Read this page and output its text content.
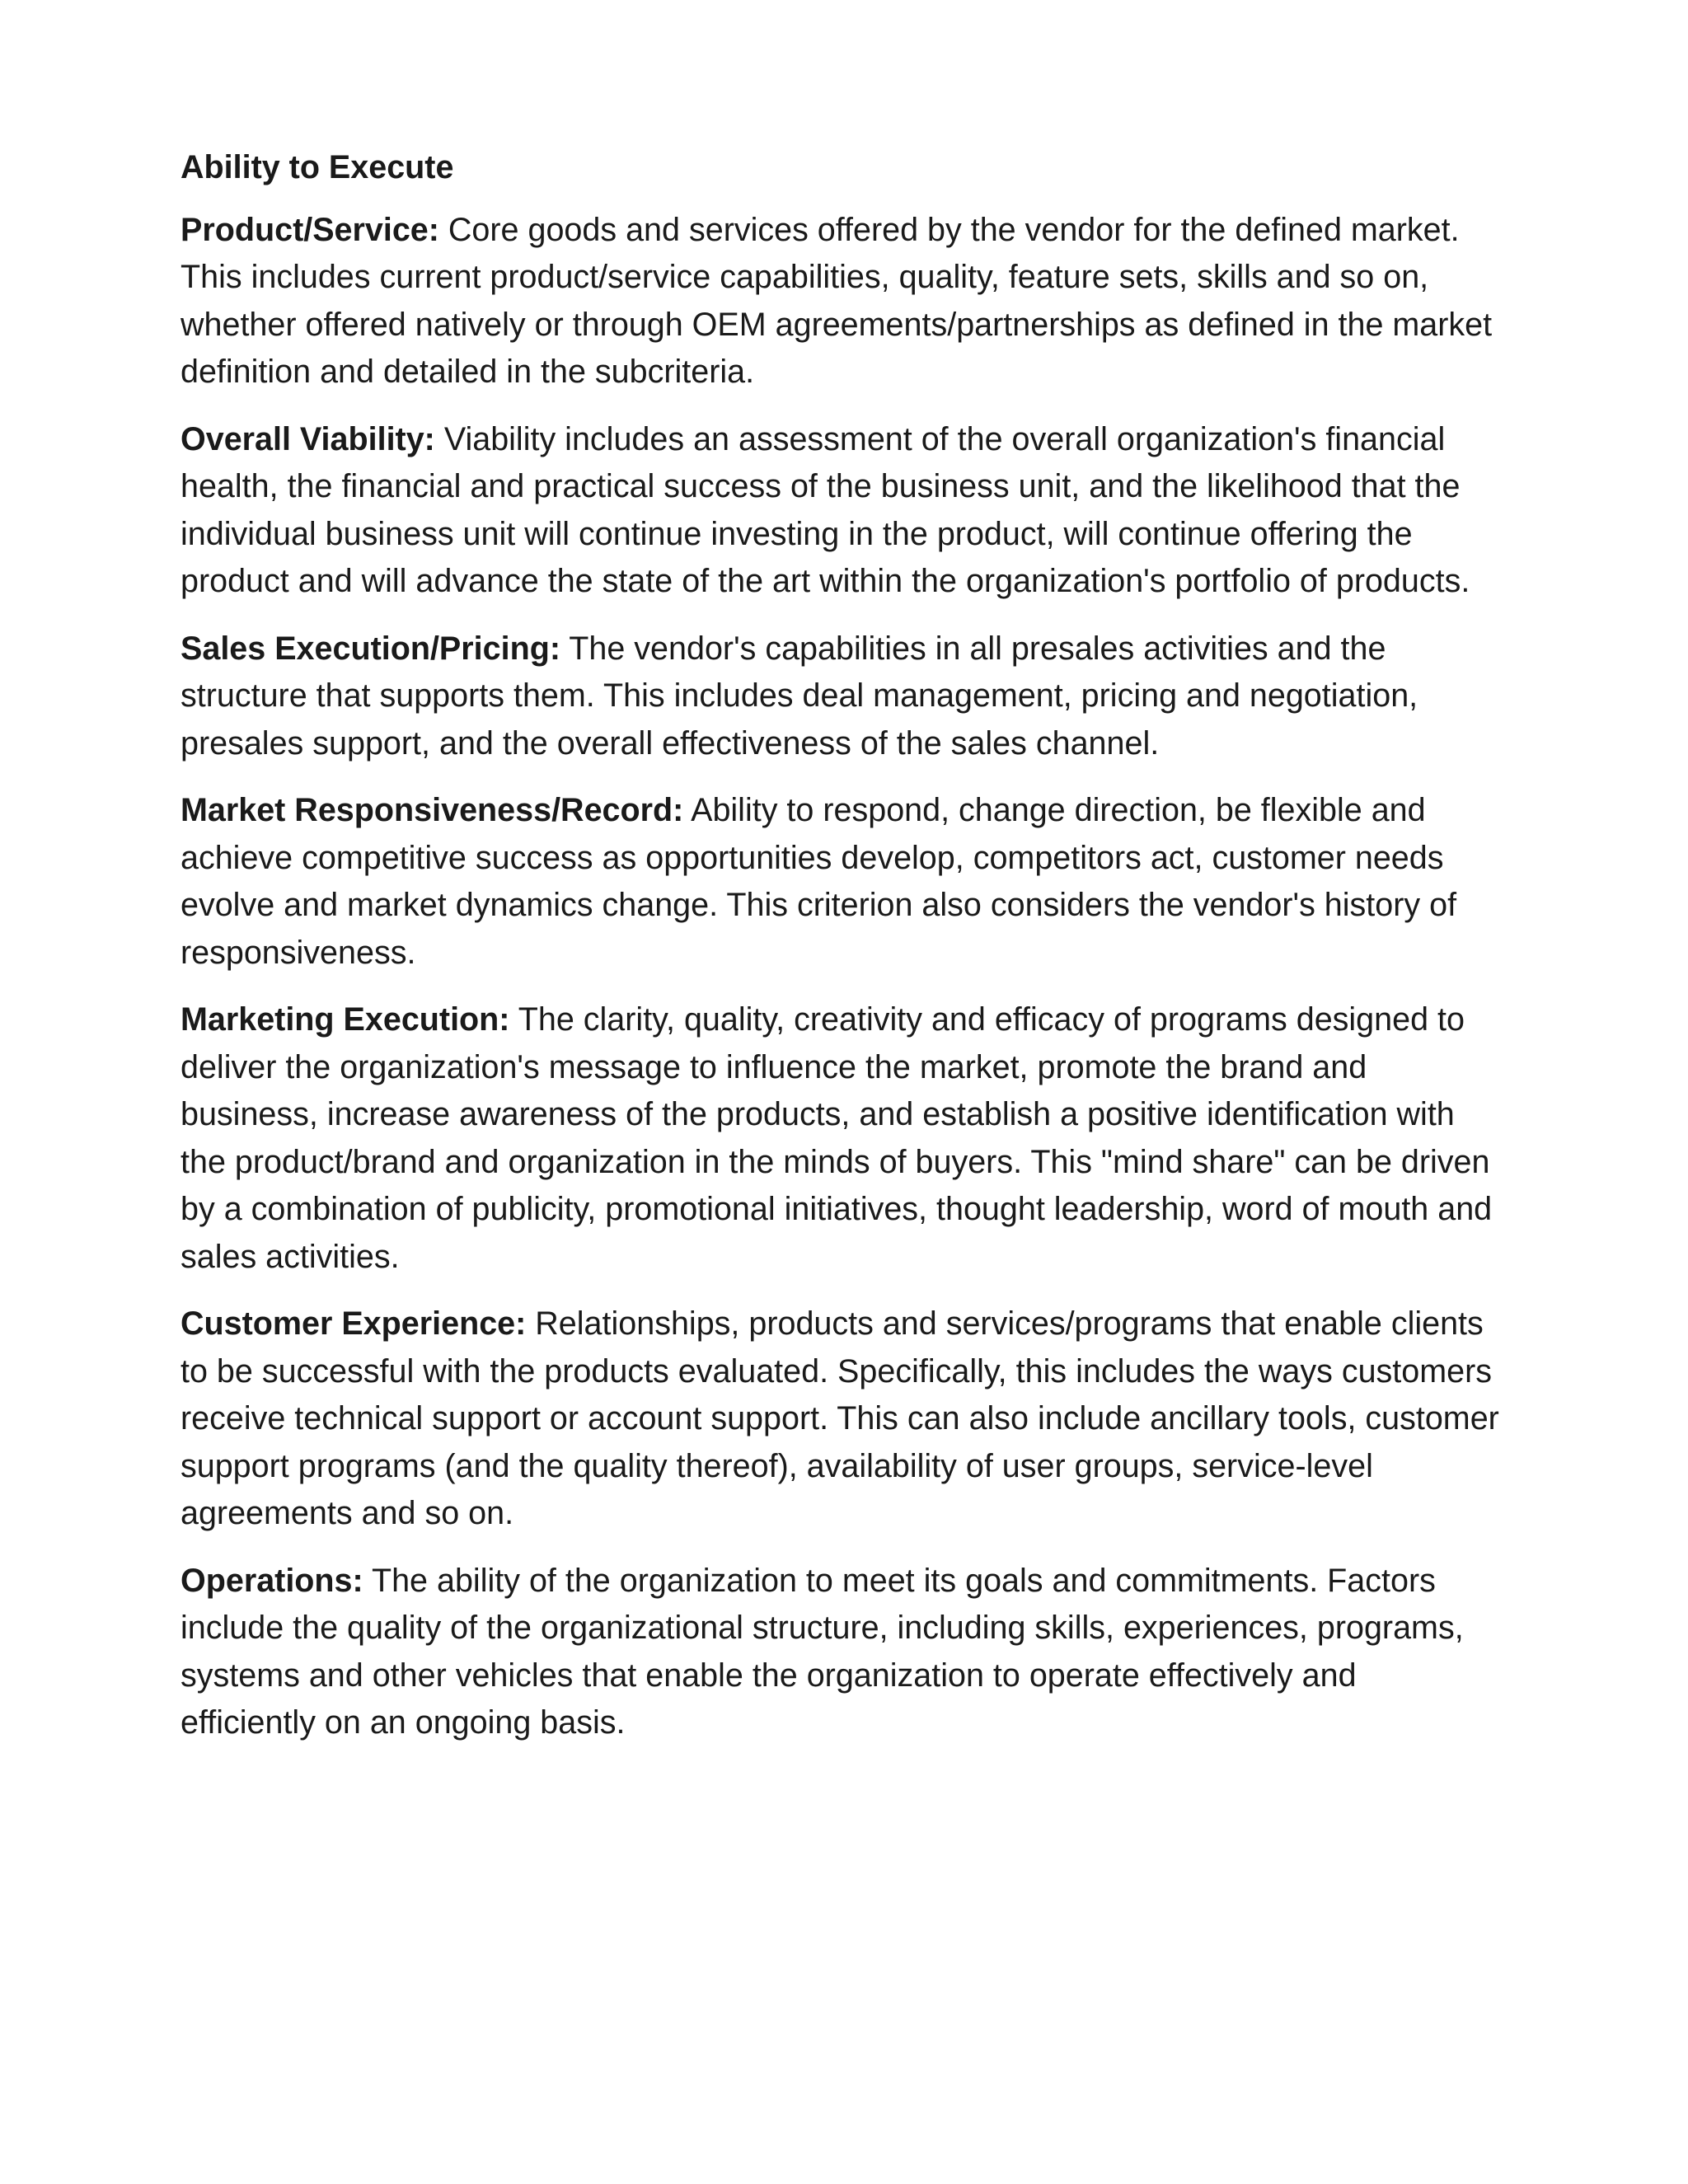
Ability to Execute

Product/Service: Core goods and services offered by the vendor for the defined market. This includes current product/service capabilities, quality, feature sets, skills and so on, whether offered natively or through OEM agreements/partnerships as defined in the market definition and detailed in the subcriteria.

Overall Viability: Viability includes an assessment of the overall organization's financial health, the financial and practical success of the business unit, and the likelihood that the individual business unit will continue investing in the product, will continue offering the product and will advance the state of the art within the organization's portfolio of products.

Sales Execution/Pricing: The vendor's capabilities in all presales activities and the structure that supports them. This includes deal management, pricing and negotiation, presales support, and the overall effectiveness of the sales channel.

Market Responsiveness/Record: Ability to respond, change direction, be flexible and achieve competitive success as opportunities develop, competitors act, customer needs evolve and market dynamics change. This criterion also considers the vendor's history of responsiveness.

Marketing Execution: The clarity, quality, creativity and efficacy of programs designed to deliver the organization's message to influence the market, promote the brand and business, increase awareness of the products, and establish a positive identification with the product/brand and organization in the minds of buyers. This "mind share" can be driven by a combination of publicity, promotional initiatives, thought leadership, word of mouth and sales activities.

Customer Experience: Relationships, products and services/programs that enable clients to be successful with the products evaluated. Specifically, this includes the ways customers receive technical support or account support. This can also include ancillary tools, customer support programs (and the quality thereof), availability of user groups, service-level agreements and so on.

Operations: The ability of the organization to meet its goals and commitments. Factors include the quality of the organizational structure, including skills, experiences, programs, systems and other vehicles that enable the organization to operate effectively and efficiently on an ongoing basis.
